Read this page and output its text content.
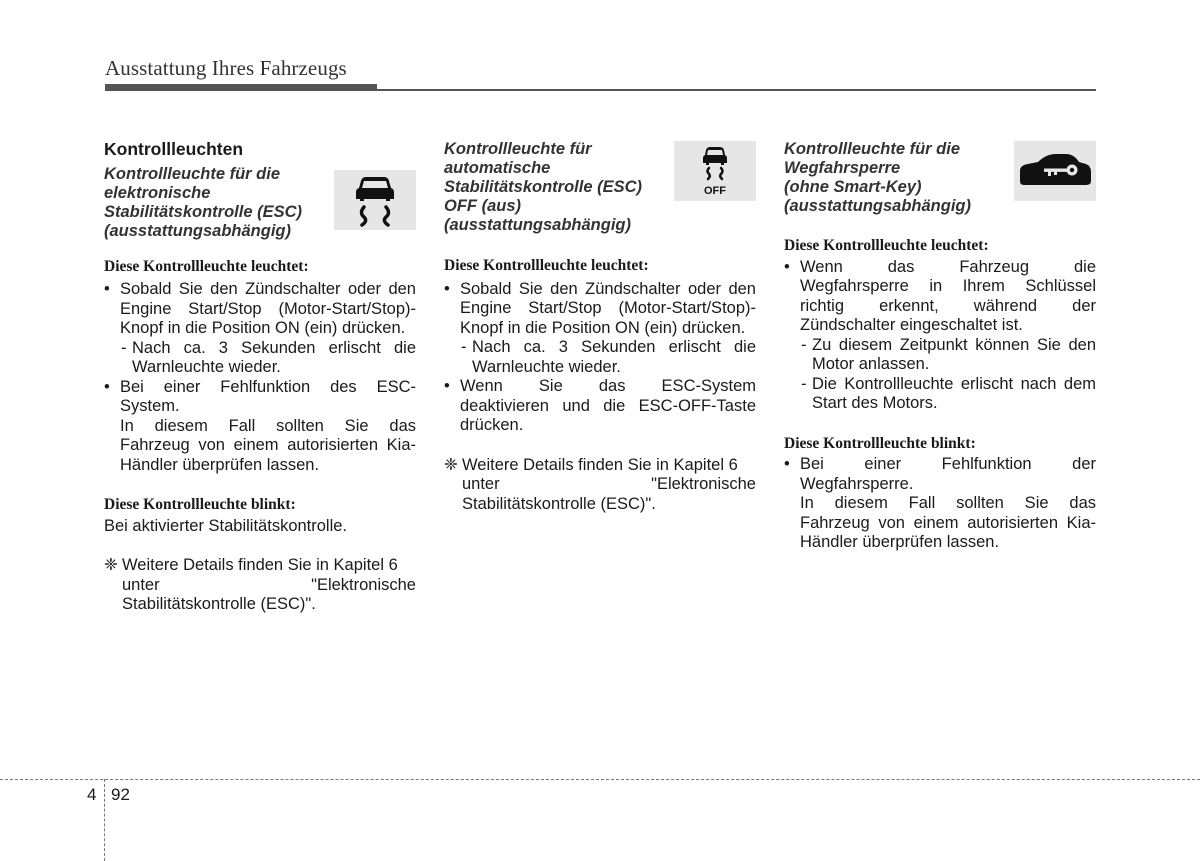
Ausstattung Ihres Fahrzeugs
Kontrollleuchten
Kontrollleuchte für die
elektronische
Stabilitätskontrolle (ESC)
(ausstattungsabhängig)
Diese Kontrollleuchte leuchtet:
• Sobald Sie den Zündschalter oder den
Engine Start/Stop (Motor-Start/Stop)-
Knopf in die Position ON (ein) drücken.
- Nach ca. 3 Sekunden erlischt die
Warnleuchte wieder.
• Bei einer Fehlfunktion des ESC-
System.
In diesem Fall sollten Sie das
Fahrzeug von einem autorisierten Kia-
Händler überprüfen lassen.
Diese Kontrollleuchte blinkt:
Bei aktivierter Stabilitätskontrolle.
❈ Weitere Details finden Sie in Kapitel 6
unter "Elektronische
Stabilitätskontrolle (ESC)".
Kontrollleuchte für
automatische
Stabilitätskontrolle (ESC)
OFF (aus)
(ausstattungsabhängig)
OFF
Diese Kontrollleuchte leuchtet:
• Sobald Sie den Zündschalter oder den
Engine Start/Stop (Motor-Start/Stop)-
Knopf in die Position ON (ein) drücken.
- Nach ca. 3 Sekunden erlischt die
Warnleuchte wieder.
• Wenn Sie das ESC-System
deaktivieren und die ESC-OFF-Taste
drücken.
❈ Weitere Details finden Sie in Kapitel 6
unter "Elektronische
Stabilitätskontrolle (ESC)".
Kontrollleuchte für die
Wegfahrsperre
(ohne Smart-Key)
(ausstattungsabhängig)
Diese Kontrollleuchte leuchtet:
• Wenn das Fahrzeug die
Wegfahrsperre in Ihrem Schlüssel
richtig erkennt, während der
Zündschalter eingeschaltet ist.
- Zu diesem Zeitpunkt können Sie den
Motor anlassen.
- Die Kontrollleuchte erlischt nach dem
Start des Motors.
Diese Kontrollleuchte blinkt:
• Bei einer Fehlfunktion der
Wegfahrsperre.
In diesem Fall sollten Sie das
Fahrzeug von einem autorisierten Kia-
Händler überprüfen lassen.
4 92
